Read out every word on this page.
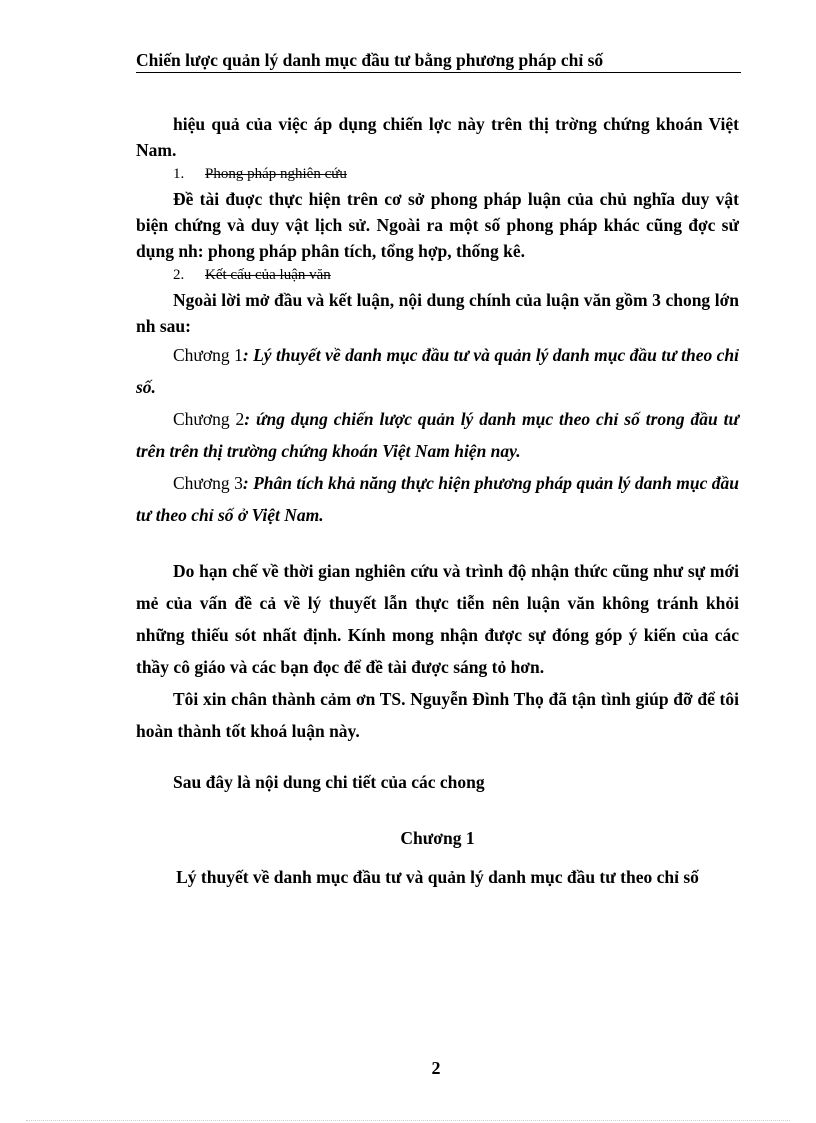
Chiến lược quản lý danh mục đầu tư bằng phương pháp chỉ số

hiệu quả của việc áp dụng chiến lợc này trên thị trờng chứng khoán Việt Nam.

1. Phong pháp nghiên cứu

Đề tài đuợc thực hiện trên cơ sở phong pháp luận của chủ nghĩa duy vật biện chứng và duy vật lịch sử. Ngoài ra một số phong pháp khác cũng đợc sử dụng nh: phong pháp phân tích, tổng hợp, thống kê.

2. Kết cấu của luận văn

Ngoài lời mở đầu và kết luận, nội dung chính của luận văn gồm 3 chong lớn nh sau:

Chương 1: Lý thuyết về danh mục đầu tư và quản lý danh mục đầu tư theo chỉ số.

Chương 2: ứng dụng chiến lược quản lý danh mục theo chỉ số trong đầu tư trên trên thị trường chứng khoán Việt Nam hiện nay.

Chương 3: Phân tích khả năng thực hiện phương pháp quản lý danh mục đầu tư theo chỉ số ở Việt Nam.

Do hạn chế về thời gian nghiên cứu và trình độ nhận thức cũng như sự mới mẻ của vấn đề cả về lý thuyết lẫn thực tiễn nên luận văn không tránh khỏi những thiếu sót nhất định. Kính mong nhận được sự đóng góp ý kiến của các thầy cô giáo và các bạn đọc để đề tài được sáng tỏ hơn.

Tôi xin chân thành cảm ơn TS. Nguyễn Đình Thọ đã tận tình giúp đỡ để tôi hoàn thành tốt khoá luận này.

Sau đây là nội dung chi tiết của các chong

Chương 1

Lý thuyết về danh mục đầu tư và quản lý danh mục đầu tư theo chỉ số

2
